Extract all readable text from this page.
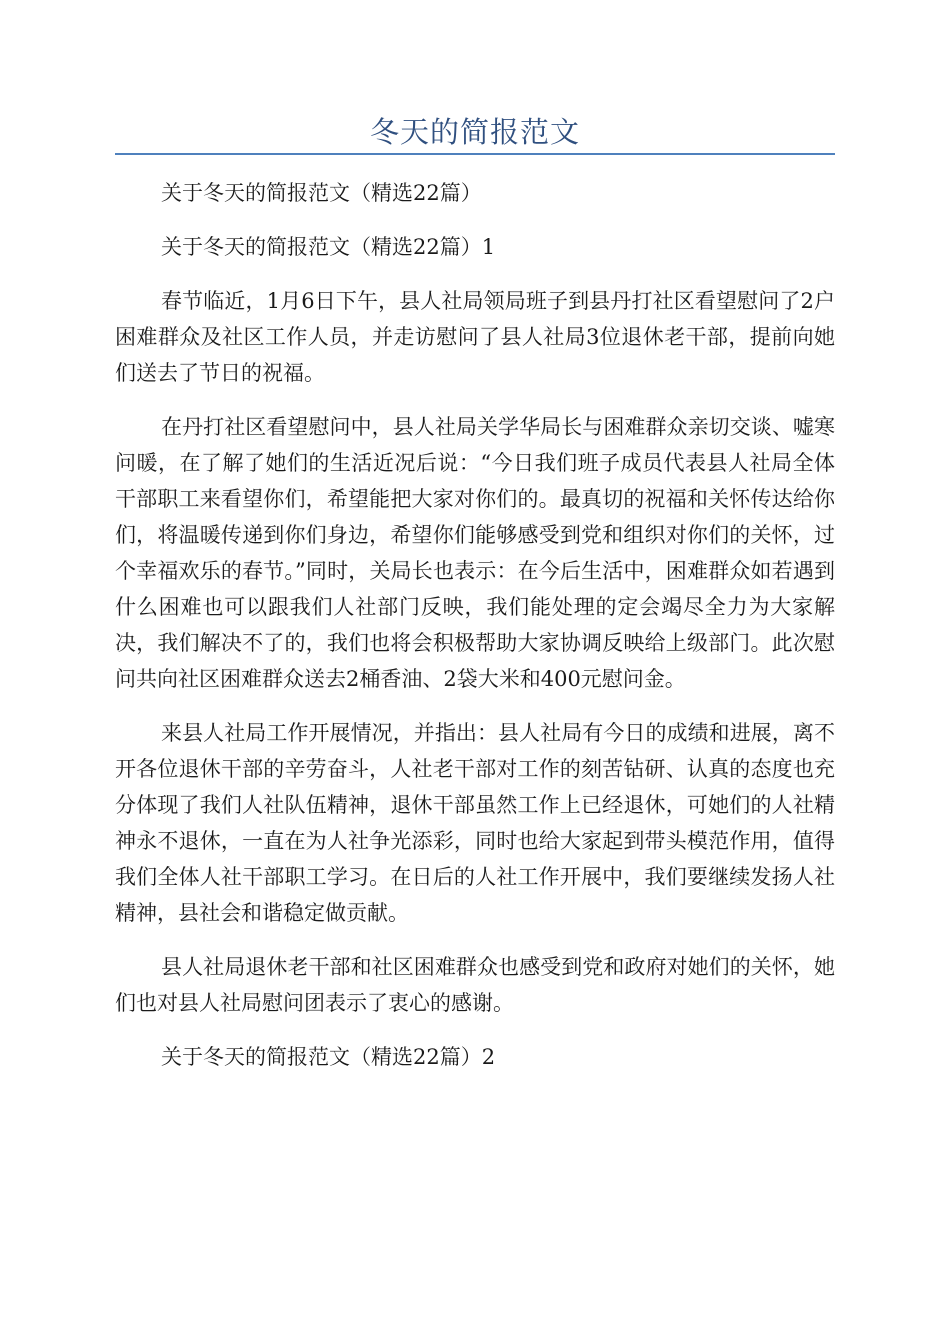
冬天的简报范文

关于冬天的简报范文（精选22篇）

关于冬天的简报范文（精选22篇）1

春节临近，1月6日下午，县人社局领局班子到县丹打社区看望慰问了2户困难群众及社区工作人员，并走访慰问了县人社局3位退休老干部，提前向她们送去了节日的祝福。

在丹打社区看望慰问中，县人社局关学华局长与困难群众亲切交谈、嘘寒问暖，在了解了她们的生活近况后说：“今日我们班子成员代表县人社局全体干部职工来看望你们，希望能把大家对你们的。最真切的祝福和关怀传达给你们，将温暖传递到你们身边，希望你们能够感受到党和组织对你们的关怀，过个幸福欢乐的春节。”同时，关局长也表示：在今后生活中，困难群众如若遇到什么困难也可以跟我们人社部门反映，我们能处理的定会竭尽全力为大家解决，我们解决不了的，我们也将会积极帮助大家协调反映给上级部门。此次慰问共向社区困难群众送去2桶香油、2袋大米和400元慰问金。

来县人社局工作开展情况，并指出：县人社局有今日的成绩和进展，离不开各位退休干部的辛劳奋斗，人社老干部对工作的刻苦钻研、认真的态度也充分体现了我们人社队伍精神，退休干部虽然工作上已经退休，可她们的人社精神永不退休，一直在为人社争光添彩，同时也给大家起到带头模范作用，值得我们全体人社干部职工学习。在日后的人社工作开展中，我们要继续发扬人社精神，县社会和谐稳定做贡献。

县人社局退休老干部和社区困难群众也感受到党和政府对她们的关怀，她们也对县人社局慰问团表示了衷心的感谢。

关于冬天的简报范文（精选22篇）2
